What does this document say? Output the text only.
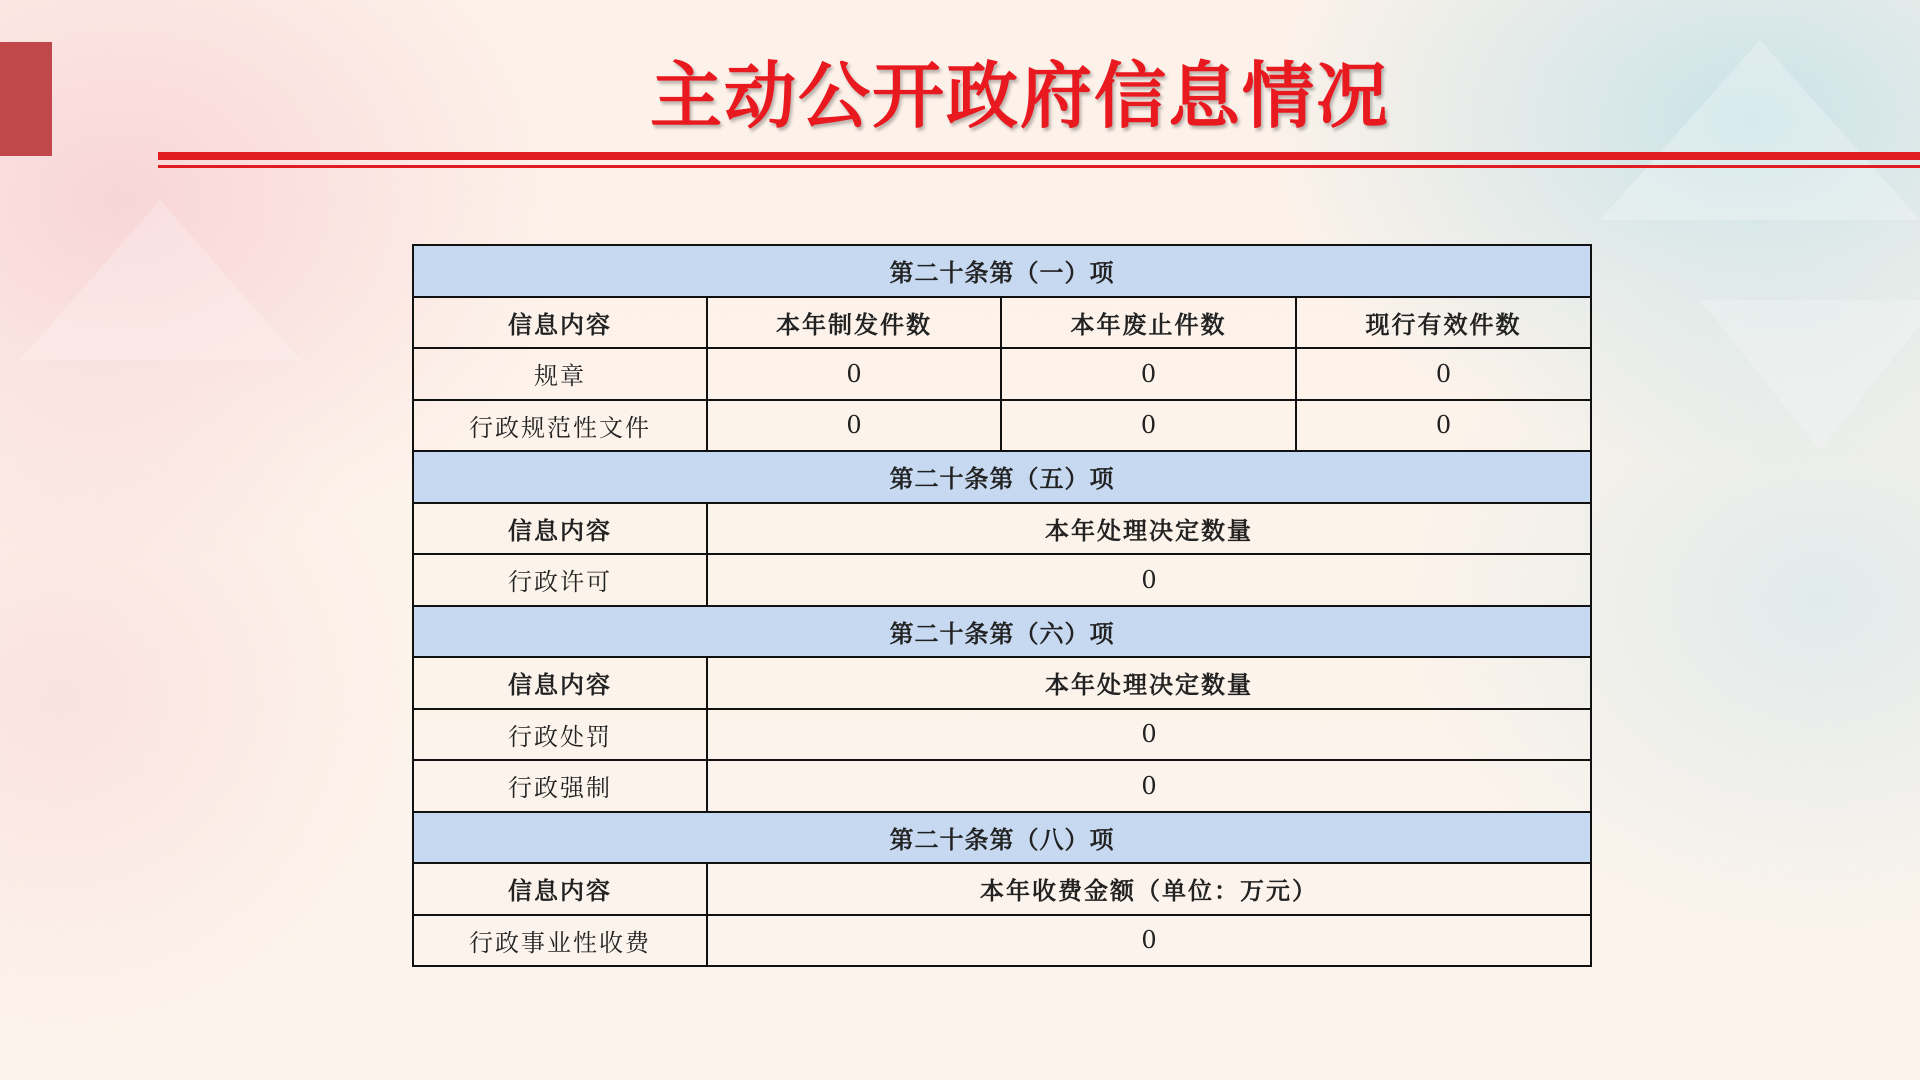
主动公开政府信息情况
第二十条第（一）项			
信息内容	本年制发件数	本年废止件数	现行有效件数
规章	0	0	0
行政规范性文件	0	0	0
第二十条第（五）项			
信息内容	本年处理决定数量		
行政许可	0		
第二十条第（六）项			
信息内容	本年处理决定数量		
行政处罚	0		
行政强制	0		
第二十条第（八）项			
信息内容	本年收费金额（单位：万元）		
行政事业性收费	0		
